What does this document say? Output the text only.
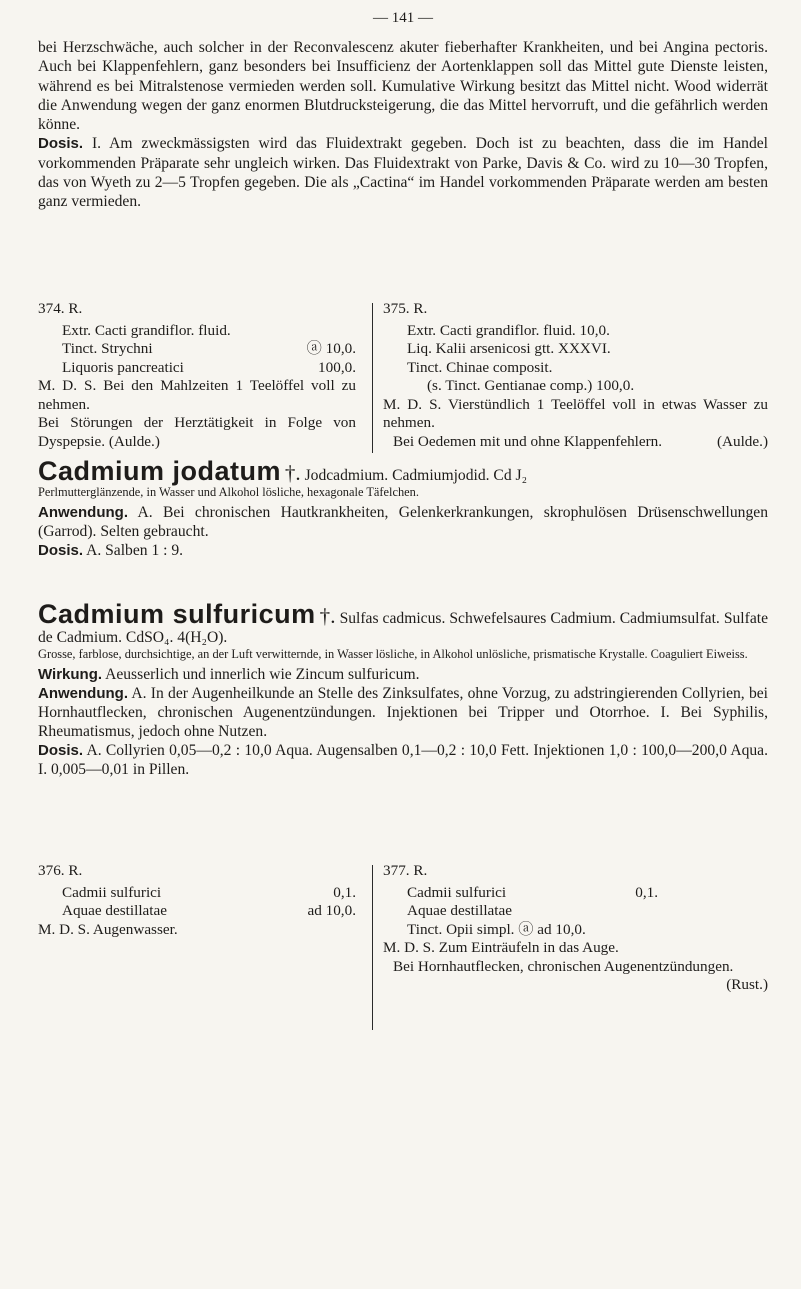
— 141 —

bei Herzschwäche, auch solcher in der Reconvalescenz akuter fieberhafter Krankheiten, und bei Angina pectoris. Auch bei Klappenfehlern, ganz besonders bei Insufficienz der Aortenklappen soll das Mittel gute Dienste leisten, während es bei Mitralstenose vermieden werden soll. Kumulative Wirkung besitzt das Mittel nicht. Wood widerrät die Anwendung wegen der ganz enormen Blutdrucksteigerung, die das Mittel hervorruft, und die gefährlich werden könne.

Dosis. I. Am zweckmässigsten wird das Fluidextrakt gegeben. Doch ist zu beachten, dass die im Handel vorkommenden Präparate sehr ungleich wirken. Das Fluidextrakt von Parke, Davis & Co. wird zu 10—30 Tropfen, das von Wyeth zu 2—5 Tropfen gegeben. Die als „Cactina“ im Handel vorkommenden Präparate werden am besten ganz vermieden.

374. R.
Extr. Cacti grandiflor. fluid.
Tinct. Strychni	ⓐ 10,0.
Liquoris pancreatici	100,0.
M. D. S. Bei den Mahlzeiten 1 Teelöffel voll zu nehmen.
Bei Störungen der Herztätigkeit in Folge von Dyspepsie. (Aulde.)
375. R.
Extr. Cacti grandiflor. fluid. 10,0.
Liq. Kalii arsenicosi gtt. XXXVI.
Tinct. Chinae composit.
(s. Tinct. Gentianae comp.) 100,0.
M. D. S. Vierstündlich 1 Teelöffel voll in etwas Wasser zu nehmen.
Bei Oedemen mit und ohne Klappenfehlern.	(Aulde.)

Cadmium jodatum †. Jodcadmium. Cadmiumjodid. Cd J₂

Perlmutterglänzende, in Wasser und Alkohol lösliche, hexagonale Täfelchen.

Anwendung. A. Bei chronischen Hautkrankheiten, Gelenkerkrankungen, skrophulösen Drüsenschwellungen (Garrod). Selten gebraucht.

Dosis. A. Salben 1 : 9.

Cadmium sulfuricum †. Sulfas cadmicus. Schwefelsaures Cadmium. Cadmiumsulfat. Sulfate de Cadmium. CdSO₄. 4(H₂O).

Grosse, farblose, durchsichtige, an der Luft verwitternde, in Wasser lösliche, in Alkohol unlösliche, prismatische Krystalle. Coaguliert Eiweiss.

Wirkung. Aeusserlich und innerlich wie Zincum sulfuricum.

Anwendung. A. In der Augenheilkunde an Stelle des Zinksulfates, ohne Vorzug, zu adstringierenden Collyrien, bei Hornhautflecken, chronischen Augenentzündungen. Injektionen bei Tripper und Otorrhoe. I. Bei Syphilis, Rheumatismus, jedoch ohne Nutzen.

Dosis. A. Collyrien 0,05—0,2 : 10,0 Aqua. Augensalben 0,1—0,2 : 10,0 Fett. Injektionen 1,0 : 100,0—200,0 Aqua. I. 0,005—0,01 in Pillen.

376. R.
Cadmii sulfurici	0,1.
Aquae destillatae	ad 10,0.
M. D. S. Augenwasser.
377. R.
Cadmii sulfurici	0,1.
Aquae destillatae
Tinct. Opii simpl. ⓐ ad 10,0.
M. D. S. Zum Einträufeln in das Auge.
Bei Hornhautflecken, chronischen Augenentzündungen.
(Rust.)
